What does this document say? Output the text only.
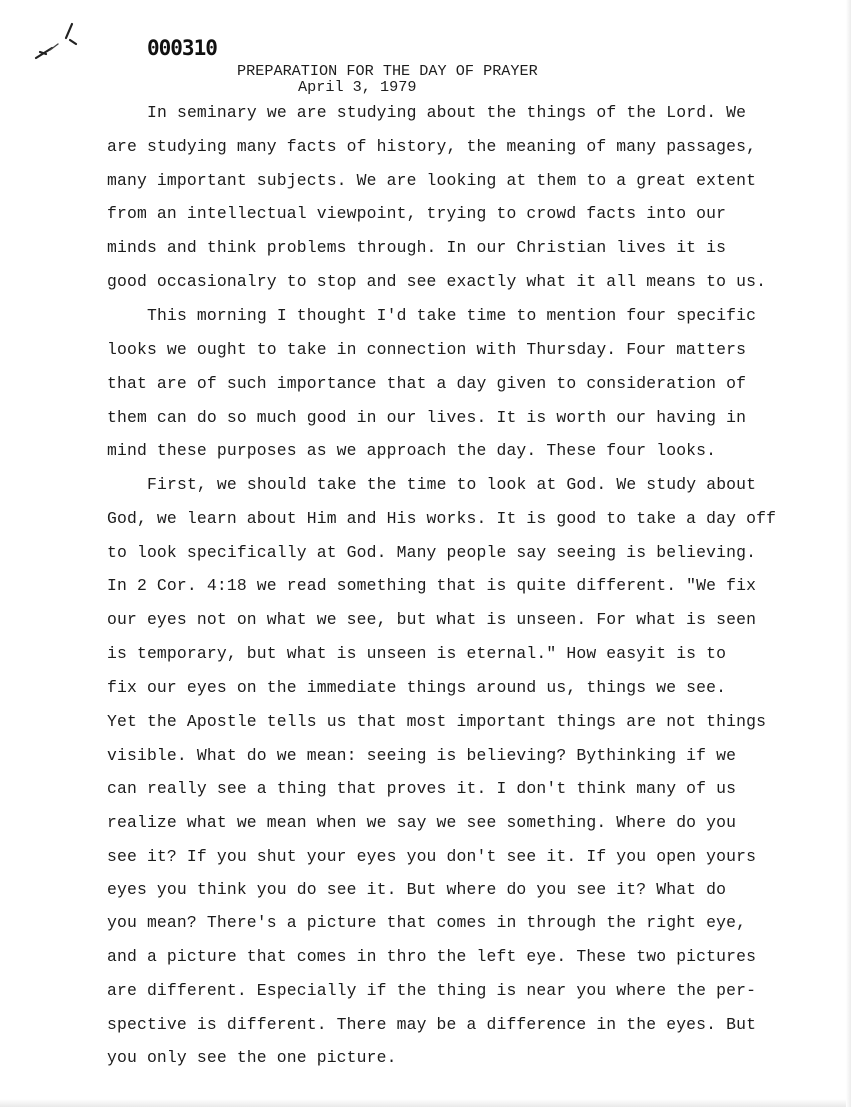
000310
PREPARATION FOR THE DAY OF PRAYER
April 3, 1979
In seminary we are studying about the things of the Lord. We
are studying many facts of history, the meaning of many passages,
many important subjects. We are looking at them to a great extent
from an intellectual viewpoint, trying to crowd facts into our
minds and think problems through. In our Christian lives it is
good occasionalry to stop and see exactly what it all means to us.
This morning I thought I'd take time to mention four specific
looks we ought to take in connection with Thursday. Four matters
that are of such importance that a day given to consideration of
them can do so much good in our lives. It is worth our having in
mind these purposes as we approach the day. These four looks.
First, we should take the time to look at God. We study about
God, we learn about Him and His works. It is good to take a day off
to look specifically at God. Many people say seeing is believing.
In 2 Cor. 4:18 we read something that is quite different. "We fix
our eyes not on what we see, but what is unseen. For what is seen
is temporary, but what is unseen is eternal." How easyit is to
fix our eyes on the immediate things around us, things we see.
Yet the Apostle tells us that most important things are not things
visible. What do we mean: seeing is believing? Bythinking if we
can really see a thing that proves it. I don't think many of us
realize what we mean when we say we see something. Where do you
see it? If you shut your eyes you don't see it. If you open yours
eyes you think you do see it. But where do you see it? What do
you mean? There's a picture that comes in through the right eye,
and a picture that comes in thro the left eye. These two pictures
are different. Especially if the thing is near you where the per-
spective is different. There may be a difference in the eyes. But
you only see the one picture.
